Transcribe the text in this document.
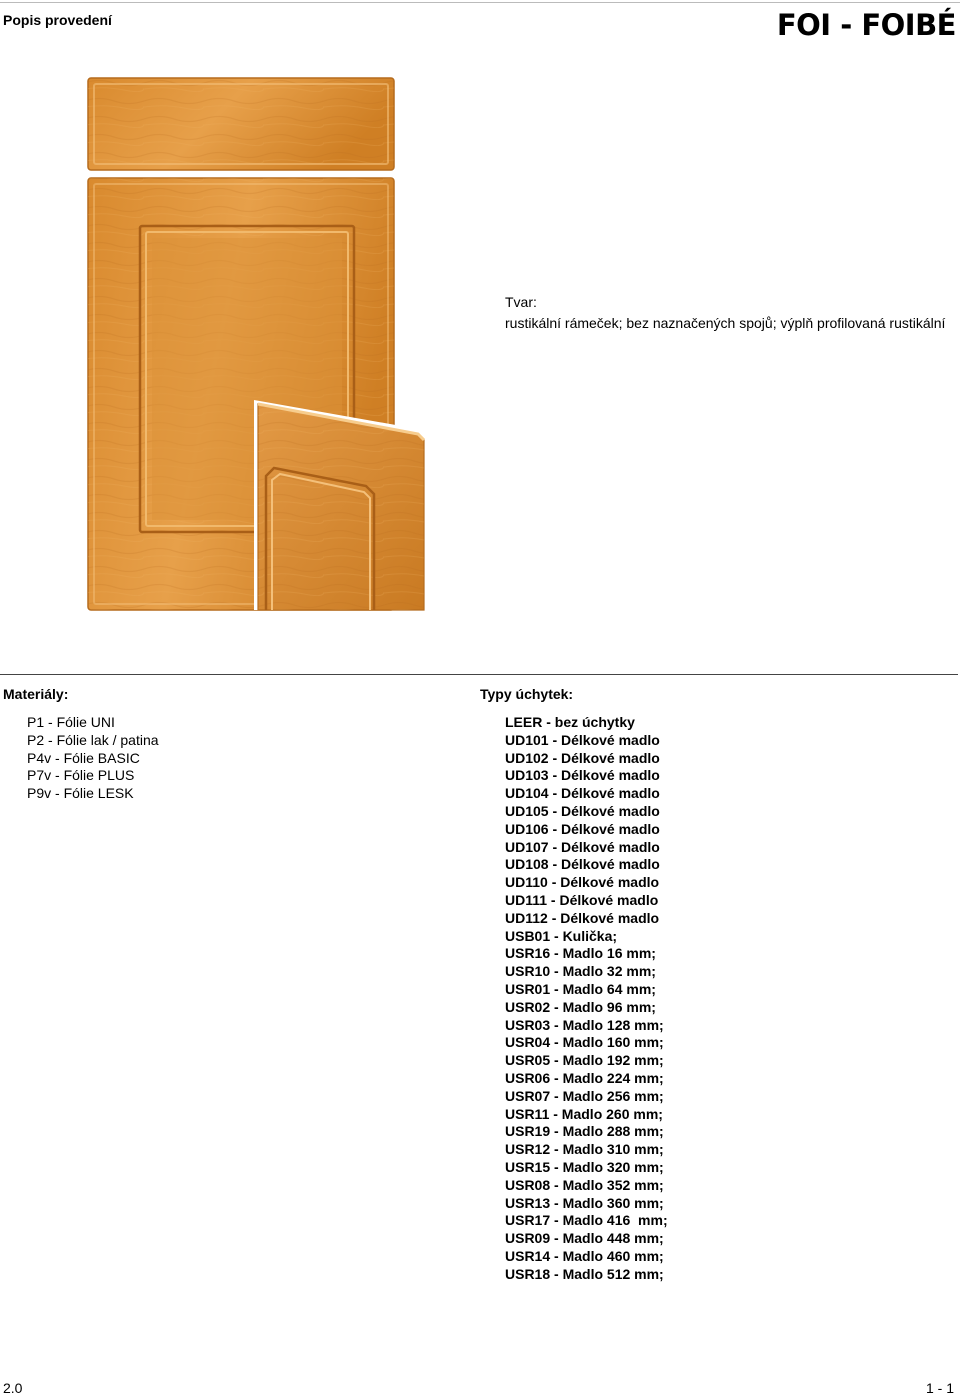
Popis provedení	FOI - FOIBÉ
Tvar:
rustikální rámeček; bez naznačených spojů; výplň profilovaná rustikální
Materiály:
P1 - Fólie UNI
P2 - Fólie lak / patina
P4v - Fólie BASIC
P7v - Fólie PLUS
P9v - Fólie LESK
Typy úchytek:
LEER - bez úchytky
UD101 - Délkové madlo
UD102 - Délkové madlo
UD103 - Délkové madlo
UD104 - Délkové madlo
UD105 - Délkové madlo
UD106 - Délkové madlo
UD107 - Délkové madlo
UD108 - Délkové madlo
UD110 - Délkové madlo
UD111 - Délkové madlo
UD112 - Délkové madlo
USB01 - Kulička;
USR16 - Madlo 16 mm;
USR10 - Madlo 32 mm;
USR01 - Madlo 64 mm;
USR02 - Madlo 96 mm;
USR03 - Madlo 128 mm;
USR04 - Madlo 160 mm;
USR05 - Madlo 192 mm;
USR06 - Madlo 224 mm;
USR07 - Madlo 256 mm;
USR11 - Madlo 260 mm;
USR19 - Madlo 288 mm;
USR12 - Madlo 310 mm;
USR15 - Madlo 320 mm;
USR08 - Madlo 352 mm;
USR13 - Madlo 360 mm;
USR17 - Madlo 416  mm;
USR09 - Madlo 448 mm;
USR14 - Madlo 460 mm;
USR18 - Madlo 512 mm;
2.0	1 - 1
